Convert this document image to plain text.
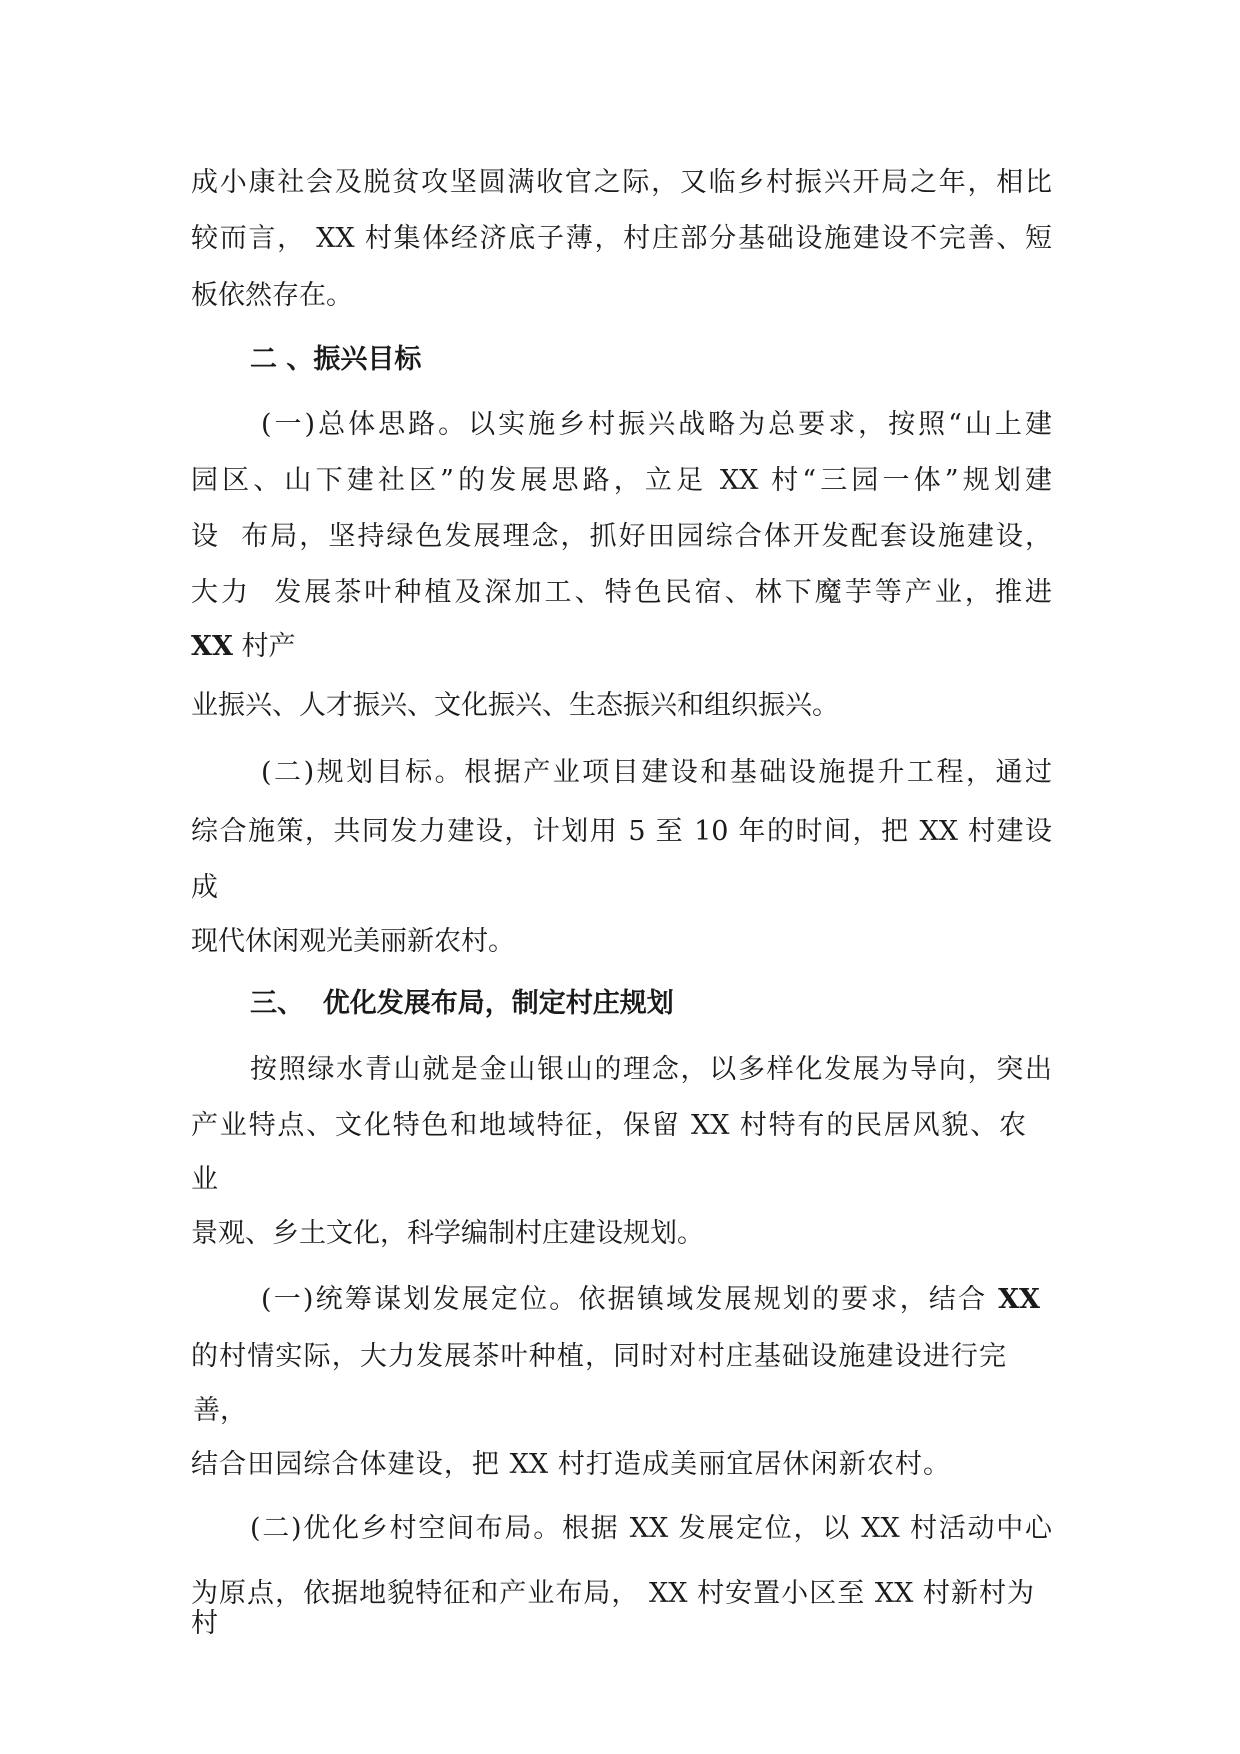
成小康社会及脱贫攻坚圆满收官之际，又临乡村振兴开局之年，相比
较而言， XX 村集体经济底子薄，村庄部分基础设施建设不完善、短
板依然存在。
二 、振兴目标
(一)总体思路。以实施乡村振兴战略为总要求，按照“山上建
园区、山下建社区”的发展思路，立足 XX 村“三园一体”规划建
设  布局，坚持绿色发展理念，抓好田园综合体开发配套设施建设，
大力  发展茶叶种植及深加工、特色民宿、林下魔芋等产业，推进
XX 村产
业振兴、人才振兴、文化振兴、生态振兴和组织振兴。
(二)规划目标。根据产业项目建设和基础设施提升工程，通过
综合施策，共同发力建设，计划用 5 至 10 年的时间，把 XX 村建设
成
现代休闲观光美丽新农村。
三、  优化发展布局，制定村庄规划
按照绿水青山就是金山银山的理念，以多样化发展为导向，突出
产业特点、文化特色和地域特征，保留 XX 村特有的民居风貌、农
业
景观、乡土文化，科学编制村庄建设规划。
(一)统筹谋划发展定位。依据镇域发展规划的要求，结合 XX
的村情实际，大力发展茶叶种植，同时对村庄基础设施建设进行完
善，
结合田园综合体建设，把 XX 村打造成美丽宜居休闲新农村。
(二)优化乡村空间布局。根据 XX 发展定位，以 XX 村活动中心
为原点，依据地貌特征和产业布局， XX 村安置小区至 XX 村新村为
村
